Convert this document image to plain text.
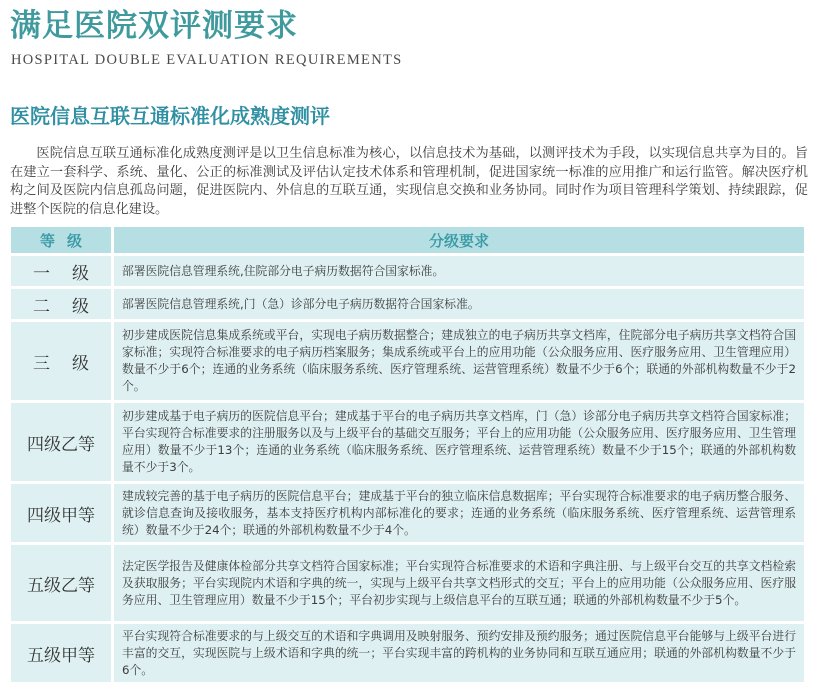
满足医院双评测要求
HOSPITAL DOUBLE EVALUATION REQUIREMENTS
医院信息互联互通标准化成熟度测评

医院信息互联互通标准化成熟度测评是以卫生信息标准为核心，以信息技术为基础，以测评技术为手段，以实现信息共享为目的。旨在建立一套科学、系统、量化、公正的标准测试及评估认定技术体系和管理机制，促进国家统一标准的应用推广和运行监管。解决医疗机构之间及医院内信息孤岛问题，促进医院内、外信息的互联互通，实现信息交换和业务协同。同时作为项目管理科学策划、持续跟踪，促进整个医院的信息化建设。

等级	分级要求
一级	部署医院信息管理系统,住院部分电子病历数据符合国家标准。
二级	部署医院信息管理系统,门（急）诊部分电子病历数据符合国家标准。
三级	初步建成医院信息集成系统或平台，实现电子病历数据整合；建成独立的电子病历共享文档库，住院部分电子病历共享文档符合国家标准；实现符合标准要求的电子病历档案服务；集成系统或平台上的应用功能（公众服务应用、医疗服务应用、卫生管理应用）数量不少于6个；连通的业务系统（临床服务系统、医疗管理系统、运营管理系统）数量不少于6个；联通的外部机构数量不少于2个。
四级乙等	初步建成基于电子病历的医院信息平台；建成基于平台的电子病历共享文档库，门（急）诊部分电子病历共享文档符合国家标准；平台实现符合标准要求的注册服务以及与上级平台的基础交互服务；平台上的应用功能（公众服务应用、医疗服务应用、卫生管理应用）数量不少于13个；连通的业务系统（临床服务系统、医疗管理系统、运营管理系统）数量不少于15个；联通的外部机构数量不少于3个。
四级甲等	建成较完善的基于电子病历的医院信息平台；建成基于平台的独立临床信息数据库；平台实现符合标准要求的电子病历整合服务、就诊信息查询及接收服务，基本支持医疗机构内部标准化的要求；连通的业务系统（临床服务系统、医疗管理系统、运营管理系统）数量不少于24个；联通的外部机构数量不少于4个。
五级乙等	法定医学报告及健康体检部分共享文档符合国家标准；平台实现符合标准要求的术语和字典注册、与上级平台交互的共享文档检索及获取服务；平台实现院内术语和字典的统一，实现与上级平台共享文档形式的交互；平台上的应用功能（公众服务应用、医疗服务应用、卫生管理应用）数量不少于15个；平台初步实现与上级信息平台的互联互通；联通的外部机构数量不少于5个。
五级甲等	平台实现符合标准要求的与上级交互的术语和字典调用及映射服务、预约安排及预约服务；通过医院信息平台能够与上级平台进行丰富的交互，实现医院与上级术语和字典的统一；平台实现丰富的跨机构的业务协同和互联互通应用；联通的外部机构数量不少于6个。
